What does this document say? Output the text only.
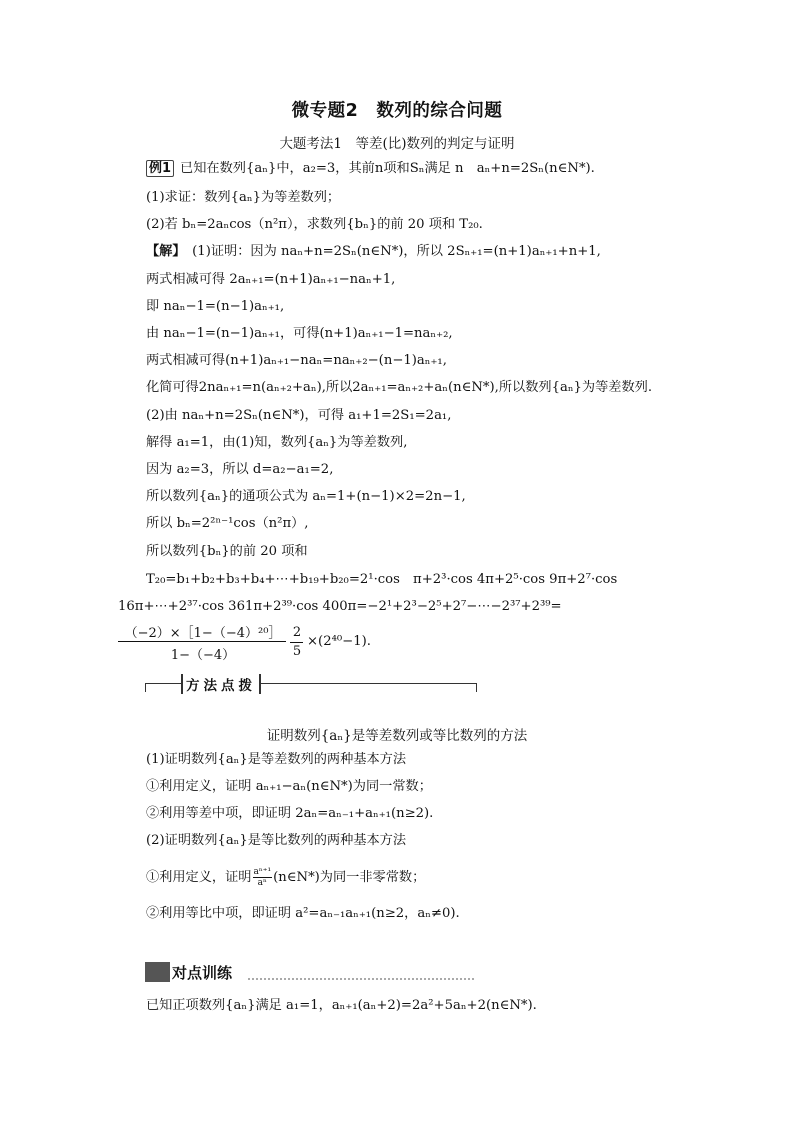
微专题2　数列的综合问题
大题考法1　等差(比)数列的判定与证明
例1 已知在数列{aₙ}中，a₂=3，其前n项和Sₙ满足 n　aₙ+n=2Sₙ(n∈N*).
(1)求证：数列{aₙ}为等差数列；
(2)若 bₙ=2aₙcos（n²π），求数列{bₙ}的前 20 项和 T₂₀.
【解】　 (1)证明：因为 naₙ+n=2Sₙ(n∈N*)，所以 2Sₙ₊₁=(n+1)aₙ₊₁+n+1,
两式相减可得 2aₙ₊₁=(n+1)aₙ₊₁−naₙ+1,
即 naₙ−1=(n−1)aₙ₊₁,
由 naₙ−1=(n−1)aₙ₊₁，可得(n+1)aₙ₊₁−1=naₙ₊₂,
两式相减可得(n+1)aₙ₊₁−naₙ=naₙ₊₂−(n−1)aₙ₊₁,
化简可得2naₙ₊₁=n(aₙ₊₂+aₙ),所以2aₙ₊₁=aₙ₊₂+aₙ(n∈N*),所以数列{aₙ}为等差数列.
(2)由 naₙ+n=2Sₙ(n∈N*)，可得 a₁+1=2S₁=2a₁,
解得 a₁=1，由(1)知，数列{aₙ}为等差数列,
因为 a₂=3，所以 d=a₂−a₁=2,
所以数列{aₙ}的通项公式为 aₙ=1+(n−1)×2=2n−1,
所以 bₙ=2²ⁿ⁻¹cos（n²π）,
所以数列{bₙ}的前 20 项和
T₂₀=b₁+b₂+b₃+b₄+⋯+b₁₉+b₂₀=2¹·cos　π+2³·cos 4π+2⁵·cos 9π+2⁷·cos
16π+⋯+2³⁷·cos 361π+2³⁹·cos 400π=−2¹+2³−2⁵+2⁷−⋯−2³⁷+2³⁹=
（−2）×［1−（−4）²⁰］
1−（−4）
2
5
×(2⁴⁰−1).
方法点拨
证明数列{aₙ}是等差数列或等比数列的方法
(1)证明数列{aₙ}是等差数列的两种基本方法
①利用定义，证明 aₙ₊₁−aₙ(n∈N*)为同一常数；
②利用等差中项，即证明 2aₙ=aₙ₋₁+aₙ₊₁(n≥2).
(2)证明数列{aₙ}是等比数列的两种基本方法
①利用定义，证明 $\frac{\text{aⁿ⁺¹}}{\text{aⁿ}}$ (n∈N*)为同一非零常数；
②利用等比中项，即证明 a²=aₙ₋₁aₙ₊₁(n≥2，aₙ≠0).
对点训练
已知正项数列{aₙ}满足 a₁=1，aₙ₊₁(aₙ+2)=2a²+5aₙ+2(n∈N*).
